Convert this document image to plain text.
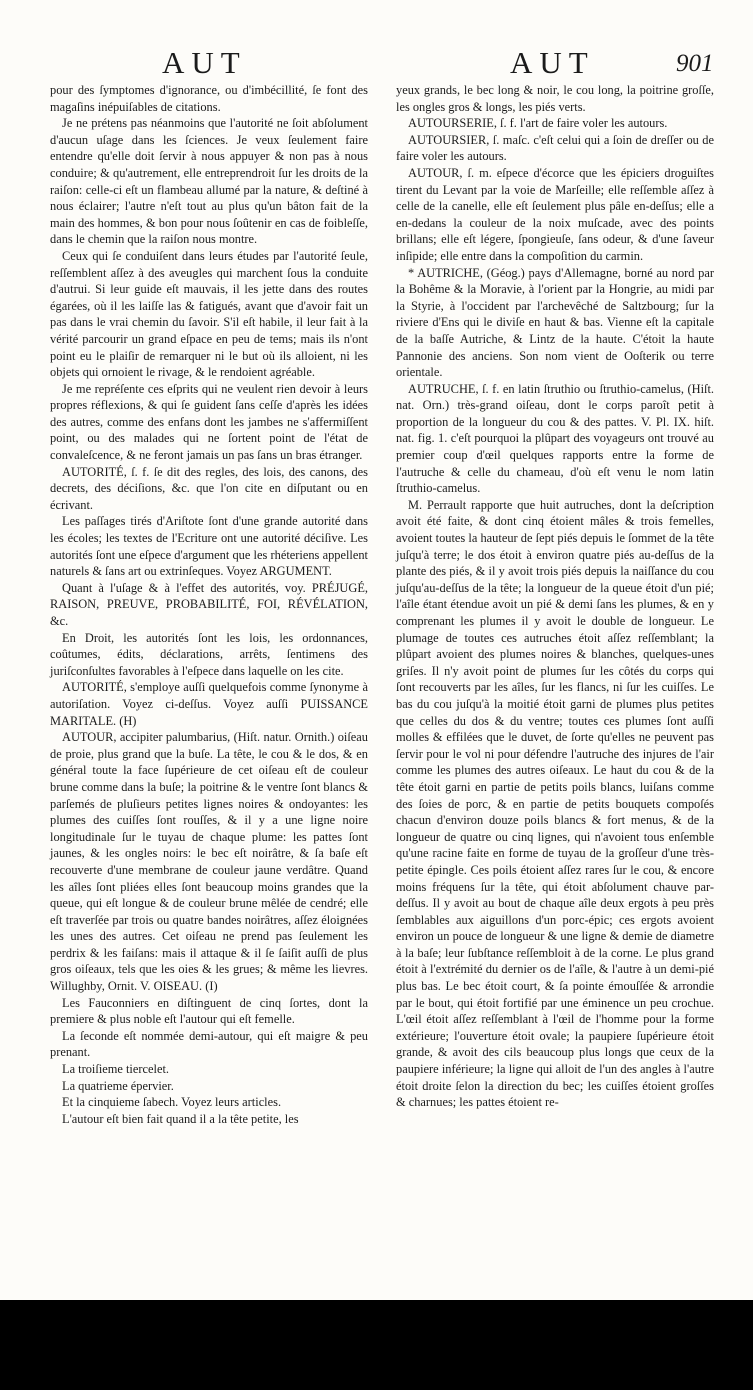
AUT	AUT	901

pour des ſymptomes d'ignorance, ou d'imbécillité, ſe font des magaſins inépuiſables de citations.

Je ne prétens pas néanmoins que l'autorité ne ſoit abſolument d'aucun uſage dans les ſciences. Je veux ſeulement faire entendre qu'elle doit ſervir à nous appuyer & non pas à nous conduire; & qu'autrement, elle entreprendroit ſur les droits de la raiſon: celle-ci eſt un flambeau allumé par la nature, & deſtiné à nous éclairer; l'autre n'eſt tout au plus qu'un bâton fait de la main des hommes, & bon pour nous ſoûtenir en cas de foibleſſe, dans le chemin que la raiſon nous montre.

Ceux qui ſe conduiſent dans leurs études par l'autorité ſeule, reſſemblent aſſez à des aveugles qui marchent ſous la conduite d'autrui. Si leur guide eſt mauvais, il les jette dans des routes égarées, où il les laiſſe las & fatigués, avant que d'avoir fait un pas dans le vrai chemin du ſavoir. S'il eſt habile, il leur fait à la vérité parcourir un grand eſpace en peu de tems; mais ils n'ont point eu le plaiſir de remarquer ni le but où ils alloient, ni les objets qui ornoient le rivage, & le rendoient agréable.

Je me repréſente ces eſprits qui ne veulent rien devoir à leurs propres réflexions, & qui ſe guident ſans ceſſe d'après les idées des autres, comme des enfans dont les jambes ne s'affermiſſent point, ou des malades qui ne ſortent point de l'état de convaleſcence, & ne feront jamais un pas ſans un bras étranger.

AUTORITÉ, ſ. f. ſe dit des regles, des lois, des canons, des decrets, des déciſions, &c. que l'on cite en diſputant ou en écrivant.

Les paſſages tirés d'Ariſtote ſont d'une grande autorité dans les écoles; les textes de l'Ecriture ont une autorité déciſive. Les autorités ſont une eſpece d'argument que les rhéteriens appellent naturels & ſans art ou extrinſeques. Voyez ARGUMENT.

Quant à l'uſage & à l'effet des autorités, voy. PRÉJUGÉ, RAISON, PREUVE, PROBABILITÉ, FOI, RÉVÉLATION, &c.

En Droit, les autorités ſont les lois, les ordonnances, coûtumes, édits, déclarations, arrêts, ſentimens des juriſconſultes favorables à l'eſpece dans laquelle on les cite.

AUTORITÉ, s'employe auſſi quelquefois comme ſynonyme à autoriſation. Voyez ci-deſſus. Voyez auſſi PUISSANCE MARITALE. (H)

AUTOUR, accipiter palumbarius, (Hiſt. natur. Ornith.) oiſeau de proie, plus grand que la buſe. La tête, le cou & le dos, & en général toute la face ſupérieure de cet oiſeau eſt de couleur brune comme dans la buſe; la poitrine & le ventre ſont blancs & parſemés de pluſieurs petites lignes noires & ondoyantes: les plumes des cuiſſes ſont rouſſes, & il y a une ligne noire longitudinale ſur le tuyau de chaque plume: les pattes ſont jaunes, & les ongles noirs: le bec eſt noirâtre, & ſa baſe eſt recouverte d'une membrane de couleur jaune verdâtre. Quand les aîles ſont pliées elles ſont beaucoup moins grandes que la queue, qui eſt longue & de couleur brune mêlée de cendré; elle eſt traverſée par trois ou quatre bandes noirâtres, aſſez éloignées les unes des autres. Cet oiſeau ne prend pas ſeulement les perdrix & les faiſans: mais il attaque & il ſe ſaiſit auſſi de plus gros oiſeaux, tels que les oies & les grues; & même les lievres. Willughby, Ornit. V. OISEAU. (I)

Les Fauconniers en diſtinguent de cinq ſortes, dont la premiere & plus noble eſt l'autour qui eſt femelle.

La ſeconde eſt nommée demi-autour, qui eſt maigre & peu prenant.

La troiſieme tiercelet.

La quatrieme épervier.

Et la cinquieme ſabech. Voyez leurs articles.

L'autour eſt bien fait quand il a la tête petite, les

yeux grands, le bec long & noir, le cou long, la poitrine groſſe, les ongles gros & longs, les piés verts.

AUTOURSERIE, ſ. f. l'art de faire voler les autours.

AUTOURSIER, ſ. maſc. c'eſt celui qui a ſoin de dreſſer ou de faire voler les autours.

AUTOUR, ſ. m. eſpece d'écorce que les épiciers droguiſtes tirent du Levant par la voie de Marſeille; elle reſſemble aſſez à celle de la canelle, elle eſt ſeulement plus pâle en-deſſus; elle a en-dedans la couleur de la noix muſcade, avec des points brillans; elle eſt légere, ſpongieuſe, ſans odeur, & d'une ſaveur inſipide; elle entre dans la compoſition du carmin.

* AUTRICHE, (Géog.) pays d'Allemagne, borné au nord par la Bohême & la Moravie, à l'orient par la Hongrie, au midi par la Styrie, à l'occident par l'archevêché de Saltzbourg; ſur la riviere d'Ens qui le diviſe en haut & bas. Vienne eſt la capitale de la baſſe Autriche, & Lintz de la haute. C'étoit la haute Pannonie des anciens. Son nom vient de Ooſterik ou terre orientale.

AUTRUCHE, ſ. f. en latin ſtruthio ou ſtruthio-camelus, (Hiſt. nat. Orn.) très-grand oiſeau, dont le corps paroît petit à proportion de la longueur du cou & des pattes. V. Pl. IX. hiſt. nat. fig. 1. c'eſt pourquoi la plûpart des voyageurs ont trouvé au premier coup d'œil quelques rapports entre la forme de l'autruche & celle du chameau, d'où eſt venu le nom latin ſtruthio-camelus.

M. Perrault rapporte que huit autruches, dont la deſcription avoit été faite, & dont cinq étoient mâles & trois femelles, avoient toutes la hauteur de ſept piés depuis le ſommet de la tête juſqu'à terre; le dos étoit à environ quatre piés au-deſſus de la plante des piés, & il y avoit trois piés depuis la naiſſance du cou juſqu'au-deſſus de la tête; la longueur de la queue étoit d'un pié; l'aîle étant étendue avoit un pié & demi ſans les plumes, & en y comprenant les plumes il y avoit le double de longueur. Le plumage de toutes ces autruches étoit aſſez reſſemblant; la plûpart avoient des plumes noires & blanches, quelques-unes griſes. Il n'y avoit point de plumes ſur les côtés du corps qui ſont recouverts par les aîles, ſur les flancs, ni ſur les cuiſſes. Le bas du cou juſqu'à la moitié étoit garni de plumes plus petites que celles du dos & du ventre; toutes ces plumes ſont auſſi molles & effilées que le duvet, de ſorte qu'elles ne peuvent pas ſervir pour le vol ni pour défendre l'autruche des injures de l'air comme les plumes des autres oiſeaux. Le haut du cou & de la tête étoit garni en partie de petits poils blancs, luiſans comme des ſoies de porc, & en partie de petits bouquets compoſés chacun d'environ douze poils blancs & fort menus, & de la longueur de quatre ou cinq lignes, qui n'avoient tous enſemble qu'une racine faite en forme de tuyau de la groſſeur d'une très-petite épingle. Ces poils étoient aſſez rares ſur le cou, & encore moins fréquens ſur la tête, qui étoit abſolument chauve par-deſſus. Il y avoit au bout de chaque aîle deux ergots à peu près ſemblables aux aiguillons d'un porc-épic; ces ergots avoient environ un pouce de longueur & une ligne & demie de diametre à la baſe; leur ſubſtance reſſembloit à de la corne. Le plus grand étoit à l'extrémité du dernier os de l'aîle, & l'autre à un demi-pié plus bas. Le bec étoit court, & ſa pointe émouſſée & arrondie par le bout, qui étoit fortifié par une éminence un peu crochue. L'œil étoit aſſez reſſemblant à l'œil de l'homme pour la forme extérieure; l'ouverture étoit ovale; la paupiere ſupérieure étoit grande, & avoit des cils beaucoup plus longs que ceux de la paupiere inférieure; la ligne qui alloit de l'un des angles à l'autre étoit droite ſelon la direction du bec; les cuiſſes étoient groſſes & charnues; les pattes étoient re-
